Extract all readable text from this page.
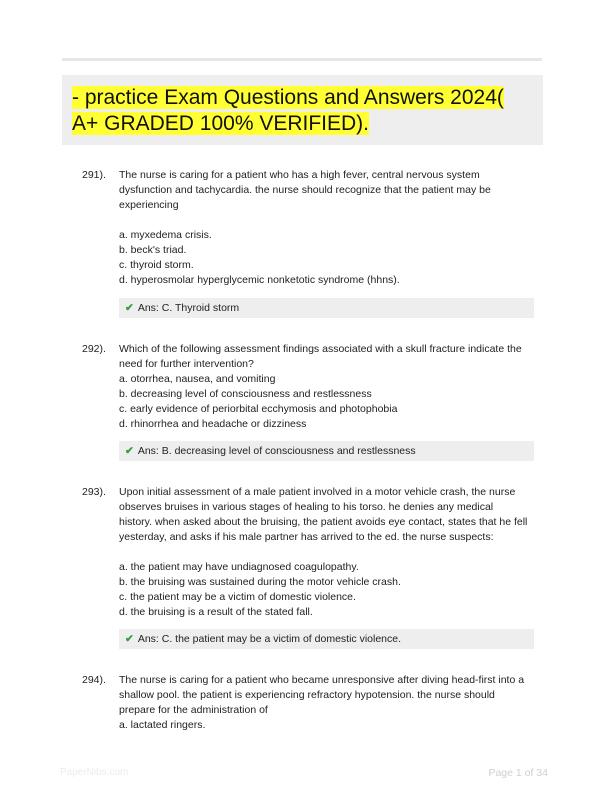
- practice Exam Questions and Answers 2024(
A+ GRADED 100% VERIFIED).
291). The nurse is caring for a patient who has a high fever, central nervous system
dysfunction and tachycardia. the nurse should recognize that the patient may be
experiencing
a. myxedema crisis.
b. beck's triad.
c. thyroid storm.
d. hyperosmolar hyperglycemic nonketotic syndrome (hhns).
✔ Ans: C. Thyroid storm
292). Which of the following assessment findings associated with a skull fracture indicate the
need for further intervention?
a. otorrhea, nausea, and vomiting
b. decreasing level of consciousness and restlessness
c. early evidence of periorbital ecchymosis and photophobia
d. rhinorrhea and headache or dizziness
✔ Ans: B. decreasing level of consciousness and restlessness
293). Upon initial assessment of a male patient involved in a motor vehicle crash, the nurse
observes bruises in various stages of healing to his torso. he denies any medical
history. when asked about the bruising, the patient avoids eye contact, states that he fell
yesterday, and asks if his male partner has arrived to the ed. the nurse suspects:
a. the patient may have undiagnosed coagulopathy.
b. the bruising was sustained during the motor vehicle crash.
c. the patient may be a victim of domestic violence.
d. the bruising is a result of the stated fall.
✔ Ans: C. the patient may be a victim of domestic violence.
294). The nurse is caring for a patient who became unresponsive after diving head-first into a
shallow pool. the patient is experiencing refractory hypotension. the nurse should
prepare for the administration of
a. lactated ringers.
PaperNibs.com	Page 1 of 34
